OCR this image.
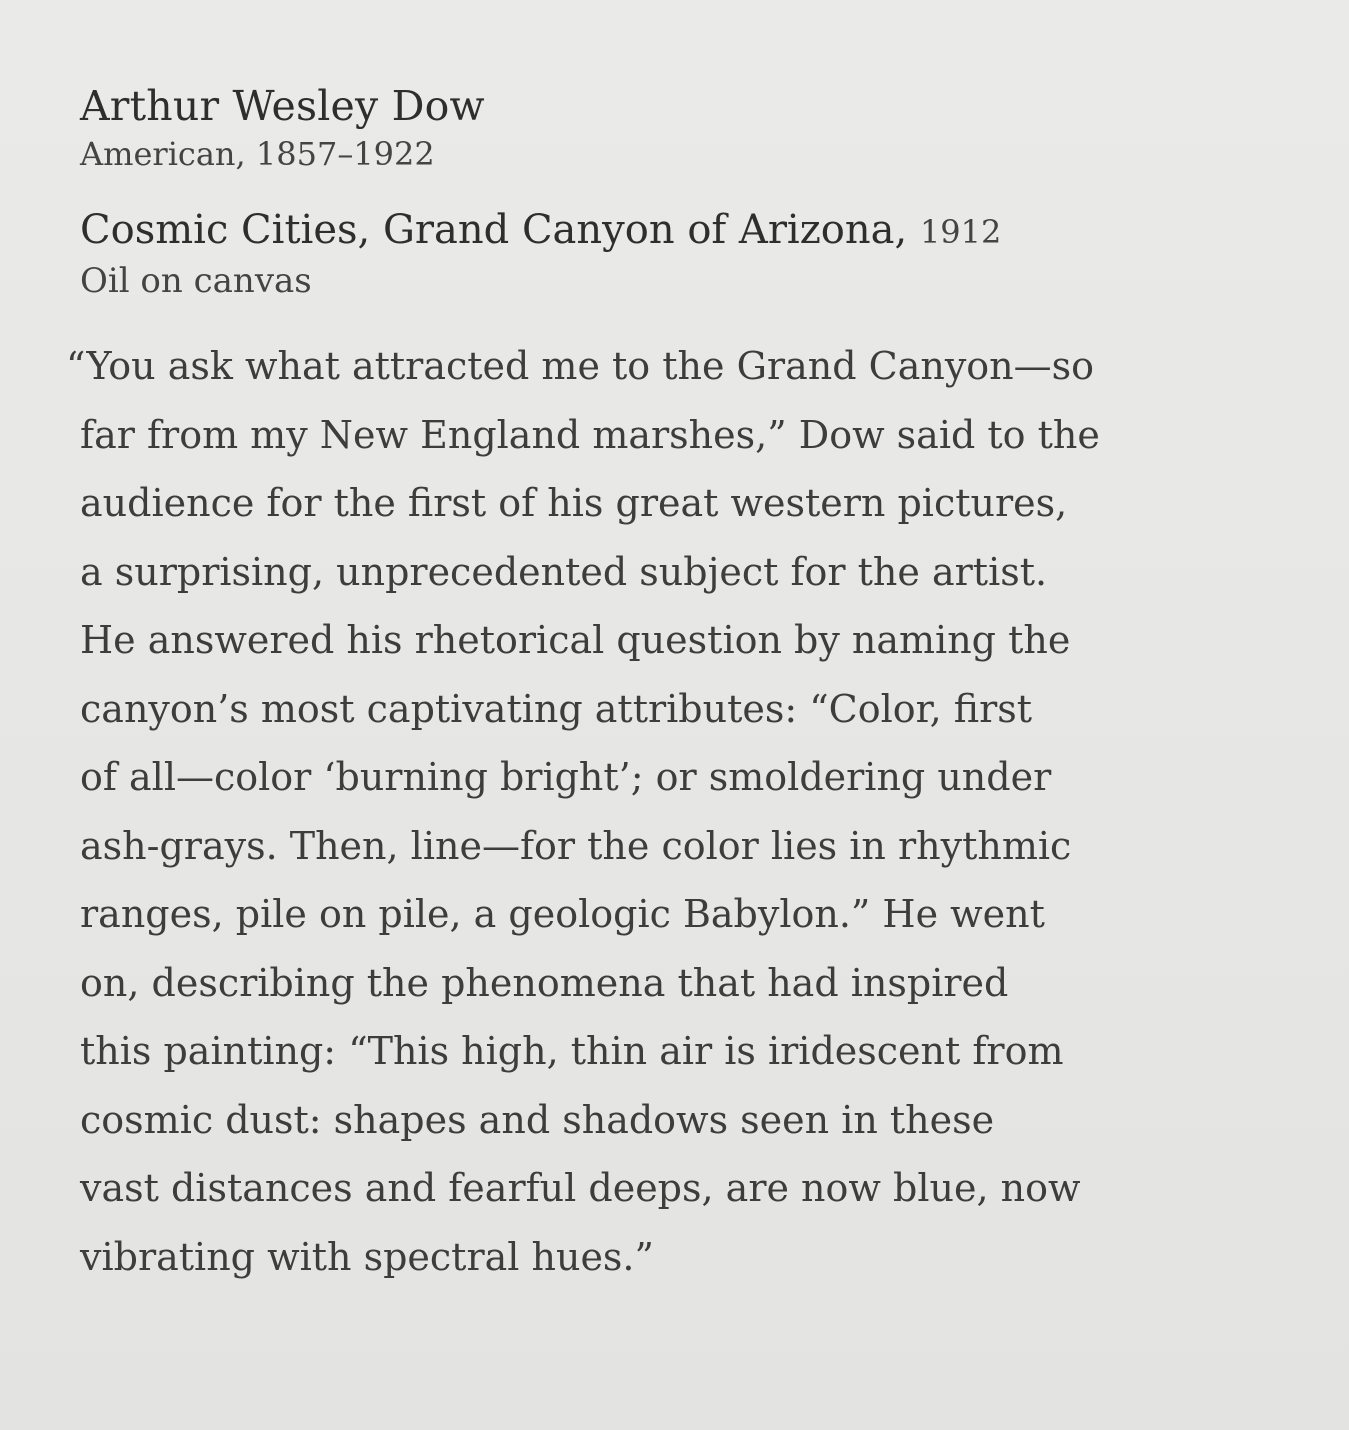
Arthur Wesley Dow

American, 1857–1922

Cosmic Cities, Grand Canyon of Arizona, 1912

Oil on canvas

“You ask what attracted me to the Grand Canyon—so
far from my New England marshes,” Dow said to the
audience for the first of his great western pictures,
a surprising, unprecedented subject for the artist.
He answered his rhetorical question by naming the
canyon’s most captivating attributes: “Color, first
of all—color ‘burning bright’; or smoldering under
ash-grays. Then, line—for the color lies in rhythmic
ranges, pile on pile, a geologic Babylon.” He went
on, describing the phenomena that had inspired
this painting: “This high, thin air is iridescent from
cosmic dust: shapes and shadows seen in these
vast distances and fearful deeps, are now blue, now
vibrating with spectral hues.”
